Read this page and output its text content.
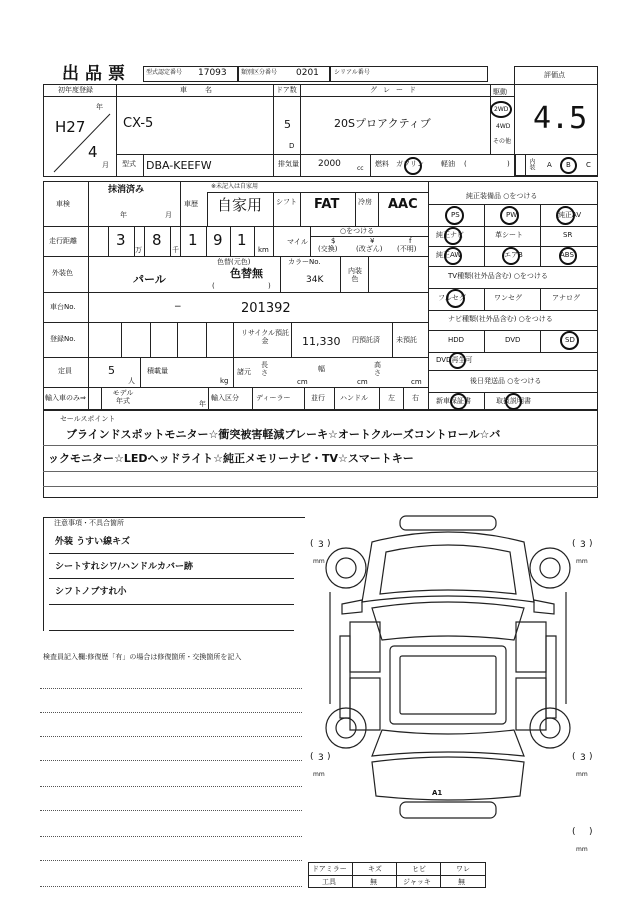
出品票	型式認定番号 17093 類別区分番号 0201	シリアル番号	評価点
4.5
初年度登録
年
H27
4
月
車名
CX-5
型式 DBA-KEEFW
ドア数
5
D
グレード
20Sプロアクティブ
駆動
2WD
4WD
その他
排気量 2000	cc
燃料 ガソリン 軽油 (	)	内装 A B C
車検
抹消済み
年	月
※未記入は自家用
車歴 自家用 シフト FAT	冷房 AAC
走行距離	3
万
8
千
1 9 1
km
マイル
○をつける
$
(交換)
¥
(改ざん)
f
(不明)
外装色	パール
色替(元色)
色替無
(	)
カラーNo.
34K
内装色
車台No.	−	201392
登録No.
リサイクル預託金	11,330 円預託済 未預託
定員	5
人
積載量
kg
諸元
長さ
cm
幅
cm
高さ
cm
輸入車のみ⇒
モデル年式	年
輸入区分 ディーラー	並行 ハンドル	左 右
純正装備品 ○をつける
PS	PW	純正AV
純正ナビ	革シート	SR
純正AW	エアB	ABS
TV種類(社外品含む) ○をつける
フルセグ	ワンセグ	アナログ
ナビ種類(社外品含む) ○をつける
HDD	DVD	SD
DVD再生可
後日発送品 ○をつける
新車保証書	取扱説明書
セールスポイント
ブラインドスポットモニター☆衝突被害軽減ブレーキ☆オートクルーズコントロール☆バ
ックモニター☆LEDヘッドライト☆純正メモリーナビ・TV☆スマートキー
注意事項・不具合箇所
外装 うすい線キズ
シートすれシワ/ハンドルカバー跡
シフトノブすれ小
検査員記入欄:修復歴「有」の場合は修復箇所・交換箇所を記入
A1
( 3 )
mm
( 3 )
mm
( 3 )
mm
( 3 )
mm
( )
mm
ドアミラー	キズ	ヒビ	ワレ
工具	無	ジャッキ	無
